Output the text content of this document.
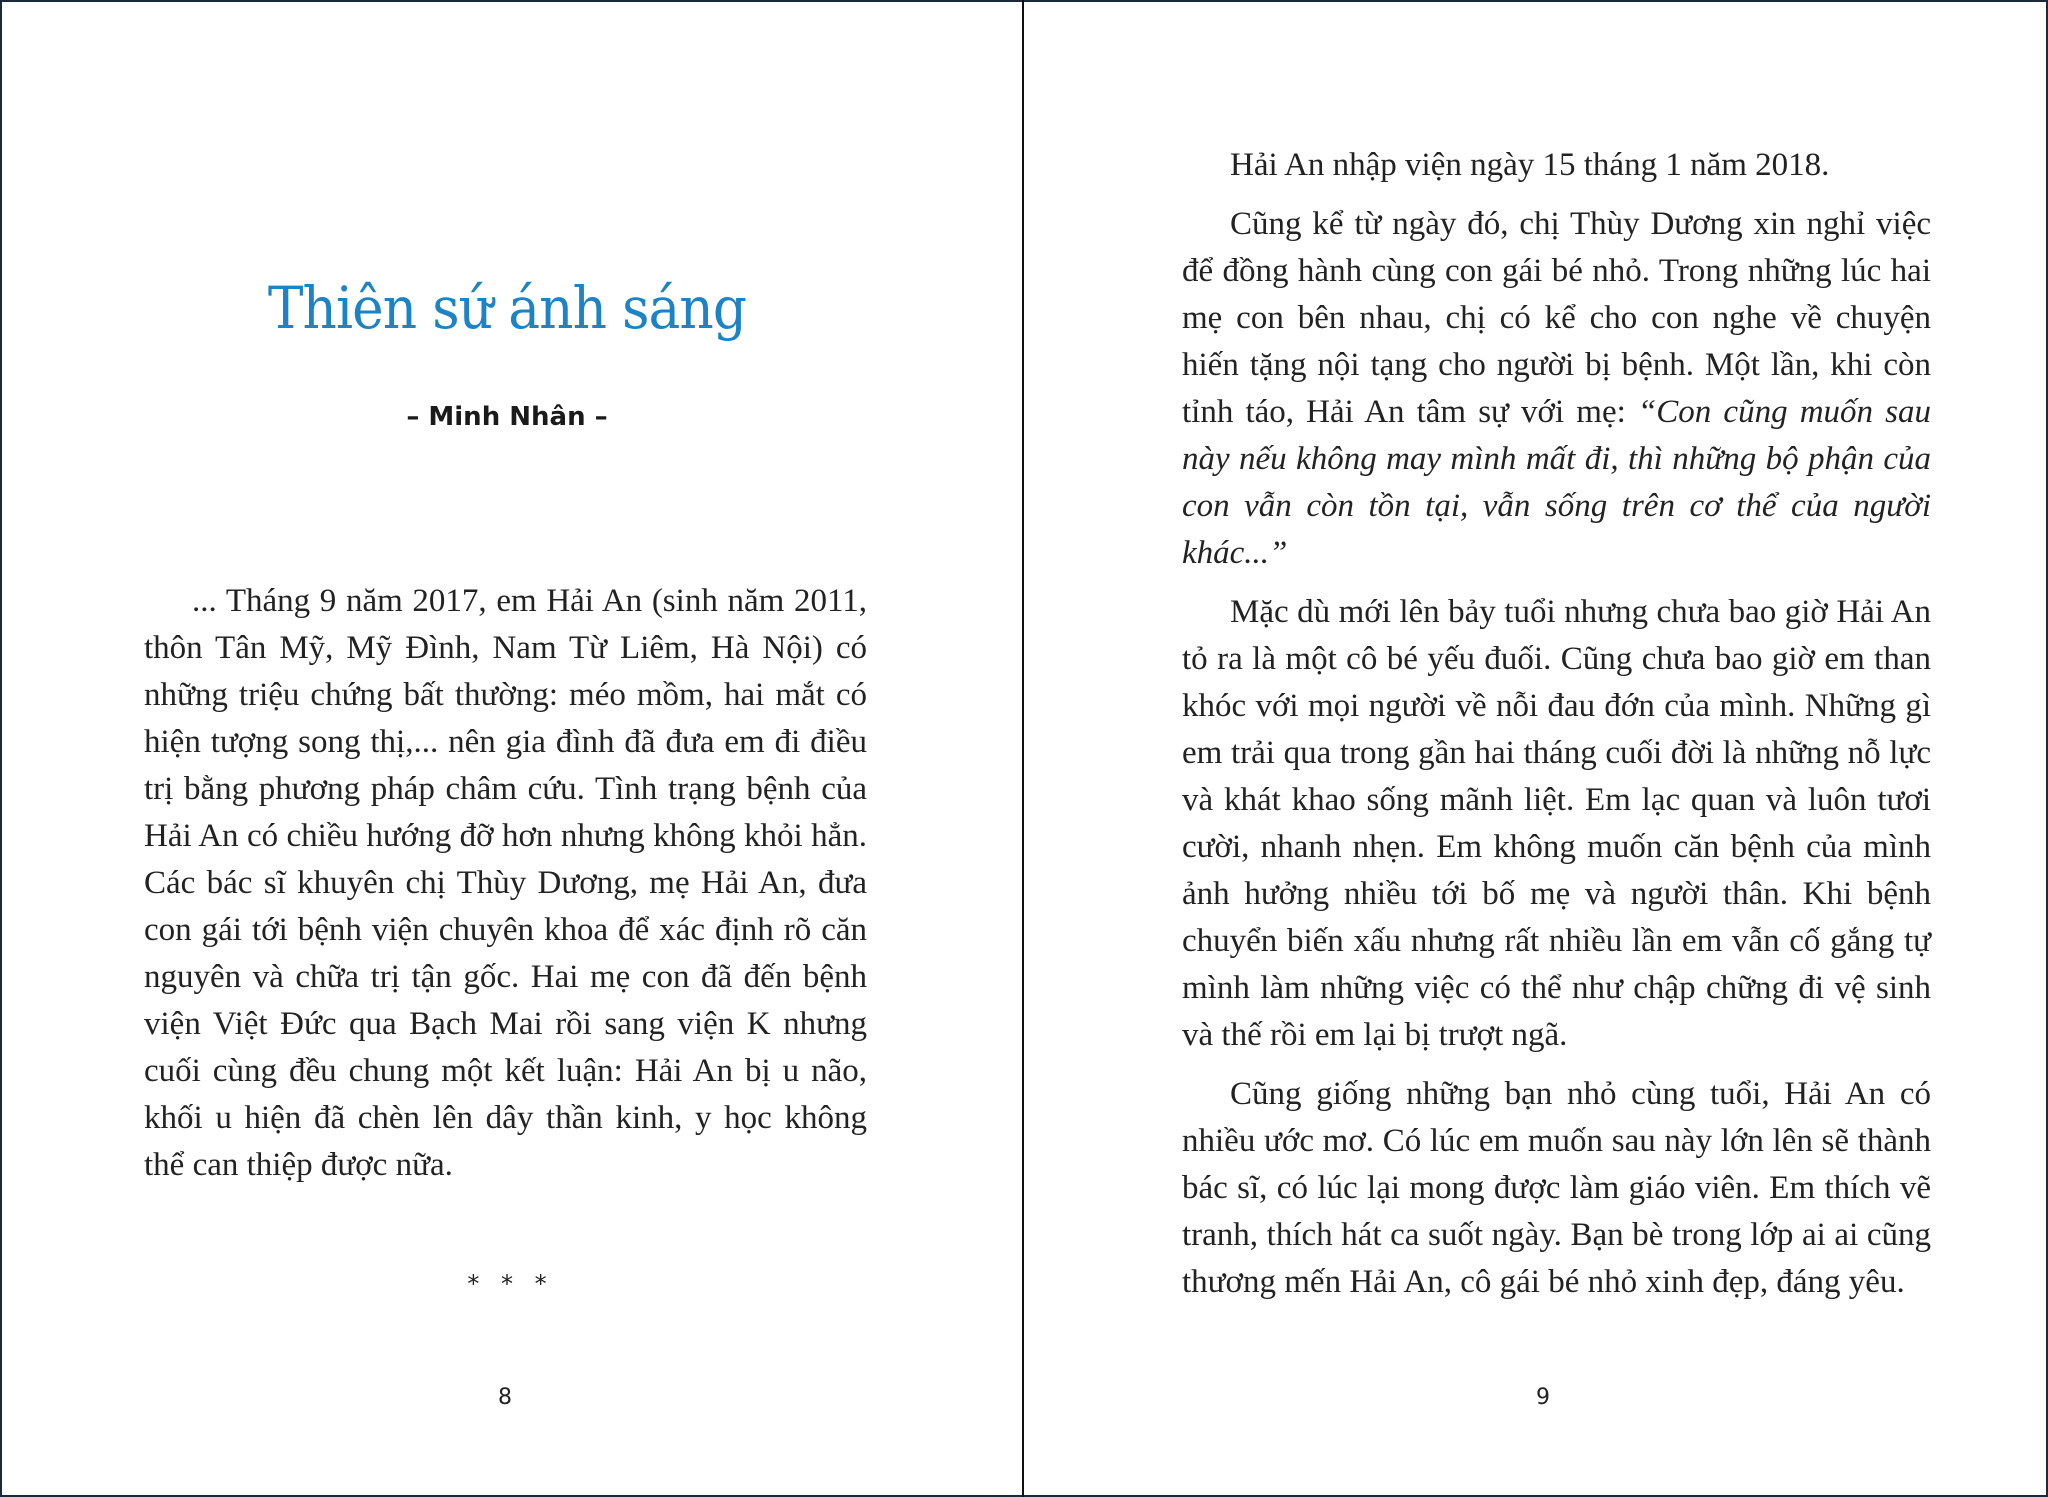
Thiên sứ ánh sáng
– Minh Nhân –

... Tháng 9 năm 2017, em Hải An (sinh năm 2011, thôn Tân Mỹ, Mỹ Đình, Nam Từ Liêm, Hà Nội) có những triệu chứng bất thường: méo mồm, hai mắt có hiện tượng song thị,... nên gia đình đã đưa em đi điều trị bằng phương pháp châm cứu. Tình trạng bệnh của Hải An có chiều hướng đỡ hơn nhưng không khỏi hẳn. Các bác sĩ khuyên chị Thùy Dương, mẹ Hải An, đưa con gái tới bệnh viện chuyên khoa để xác định rõ căn nguyên và chữa trị tận gốc. Hai mẹ con đã đến bệnh viện Việt Đức qua Bạch Mai rồi sang viện K nhưng cuối cùng đều chung một kết luận: Hải An bị u não, khối u hiện đã chèn lên dây thần kinh, y học không thể can thiệp được nữa.

* * *
8

Hải An nhập viện ngày 15 tháng 1 năm 2018.

Cũng kể từ ngày đó, chị Thùy Dương xin nghỉ việc để đồng hành cùng con gái bé nhỏ. Trong những lúc hai mẹ con bên nhau, chị có kể cho con nghe về chuyện hiến tặng nội tạng cho người bị bệnh. Một lần, khi còn tỉnh táo, Hải An tâm sự với mẹ: “Con cũng muốn sau này nếu không may mình mất đi, thì những bộ phận của con vẫn còn tồn tại, vẫn sống trên cơ thể của người khác...”

Mặc dù mới lên bảy tuổi nhưng chưa bao giờ Hải An tỏ ra là một cô bé yếu đuối. Cũng chưa bao giờ em than khóc với mọi người về nỗi đau đớn của mình. Những gì em trải qua trong gần hai tháng cuối đời là những nỗ lực và khát khao sống mãnh liệt. Em lạc quan và luôn tươi cười, nhanh nhẹn. Em không muốn căn bệnh của mình ảnh hưởng nhiều tới bố mẹ và người thân. Khi bệnh chuyển biến xấu nhưng rất nhiều lần em vẫn cố gắng tự mình làm những việc có thể như chập chững đi vệ sinh và thế rồi em lại bị trượt ngã.

Cũng giống những bạn nhỏ cùng tuổi, Hải An có nhiều ước mơ. Có lúc em muốn sau này lớn lên sẽ thành bác sĩ, có lúc lại mong được làm giáo viên. Em thích vẽ tranh, thích hát ca suốt ngày. Bạn bè trong lớp ai ai cũng thương mến Hải An, cô gái bé nhỏ xinh đẹp, đáng yêu.

9
